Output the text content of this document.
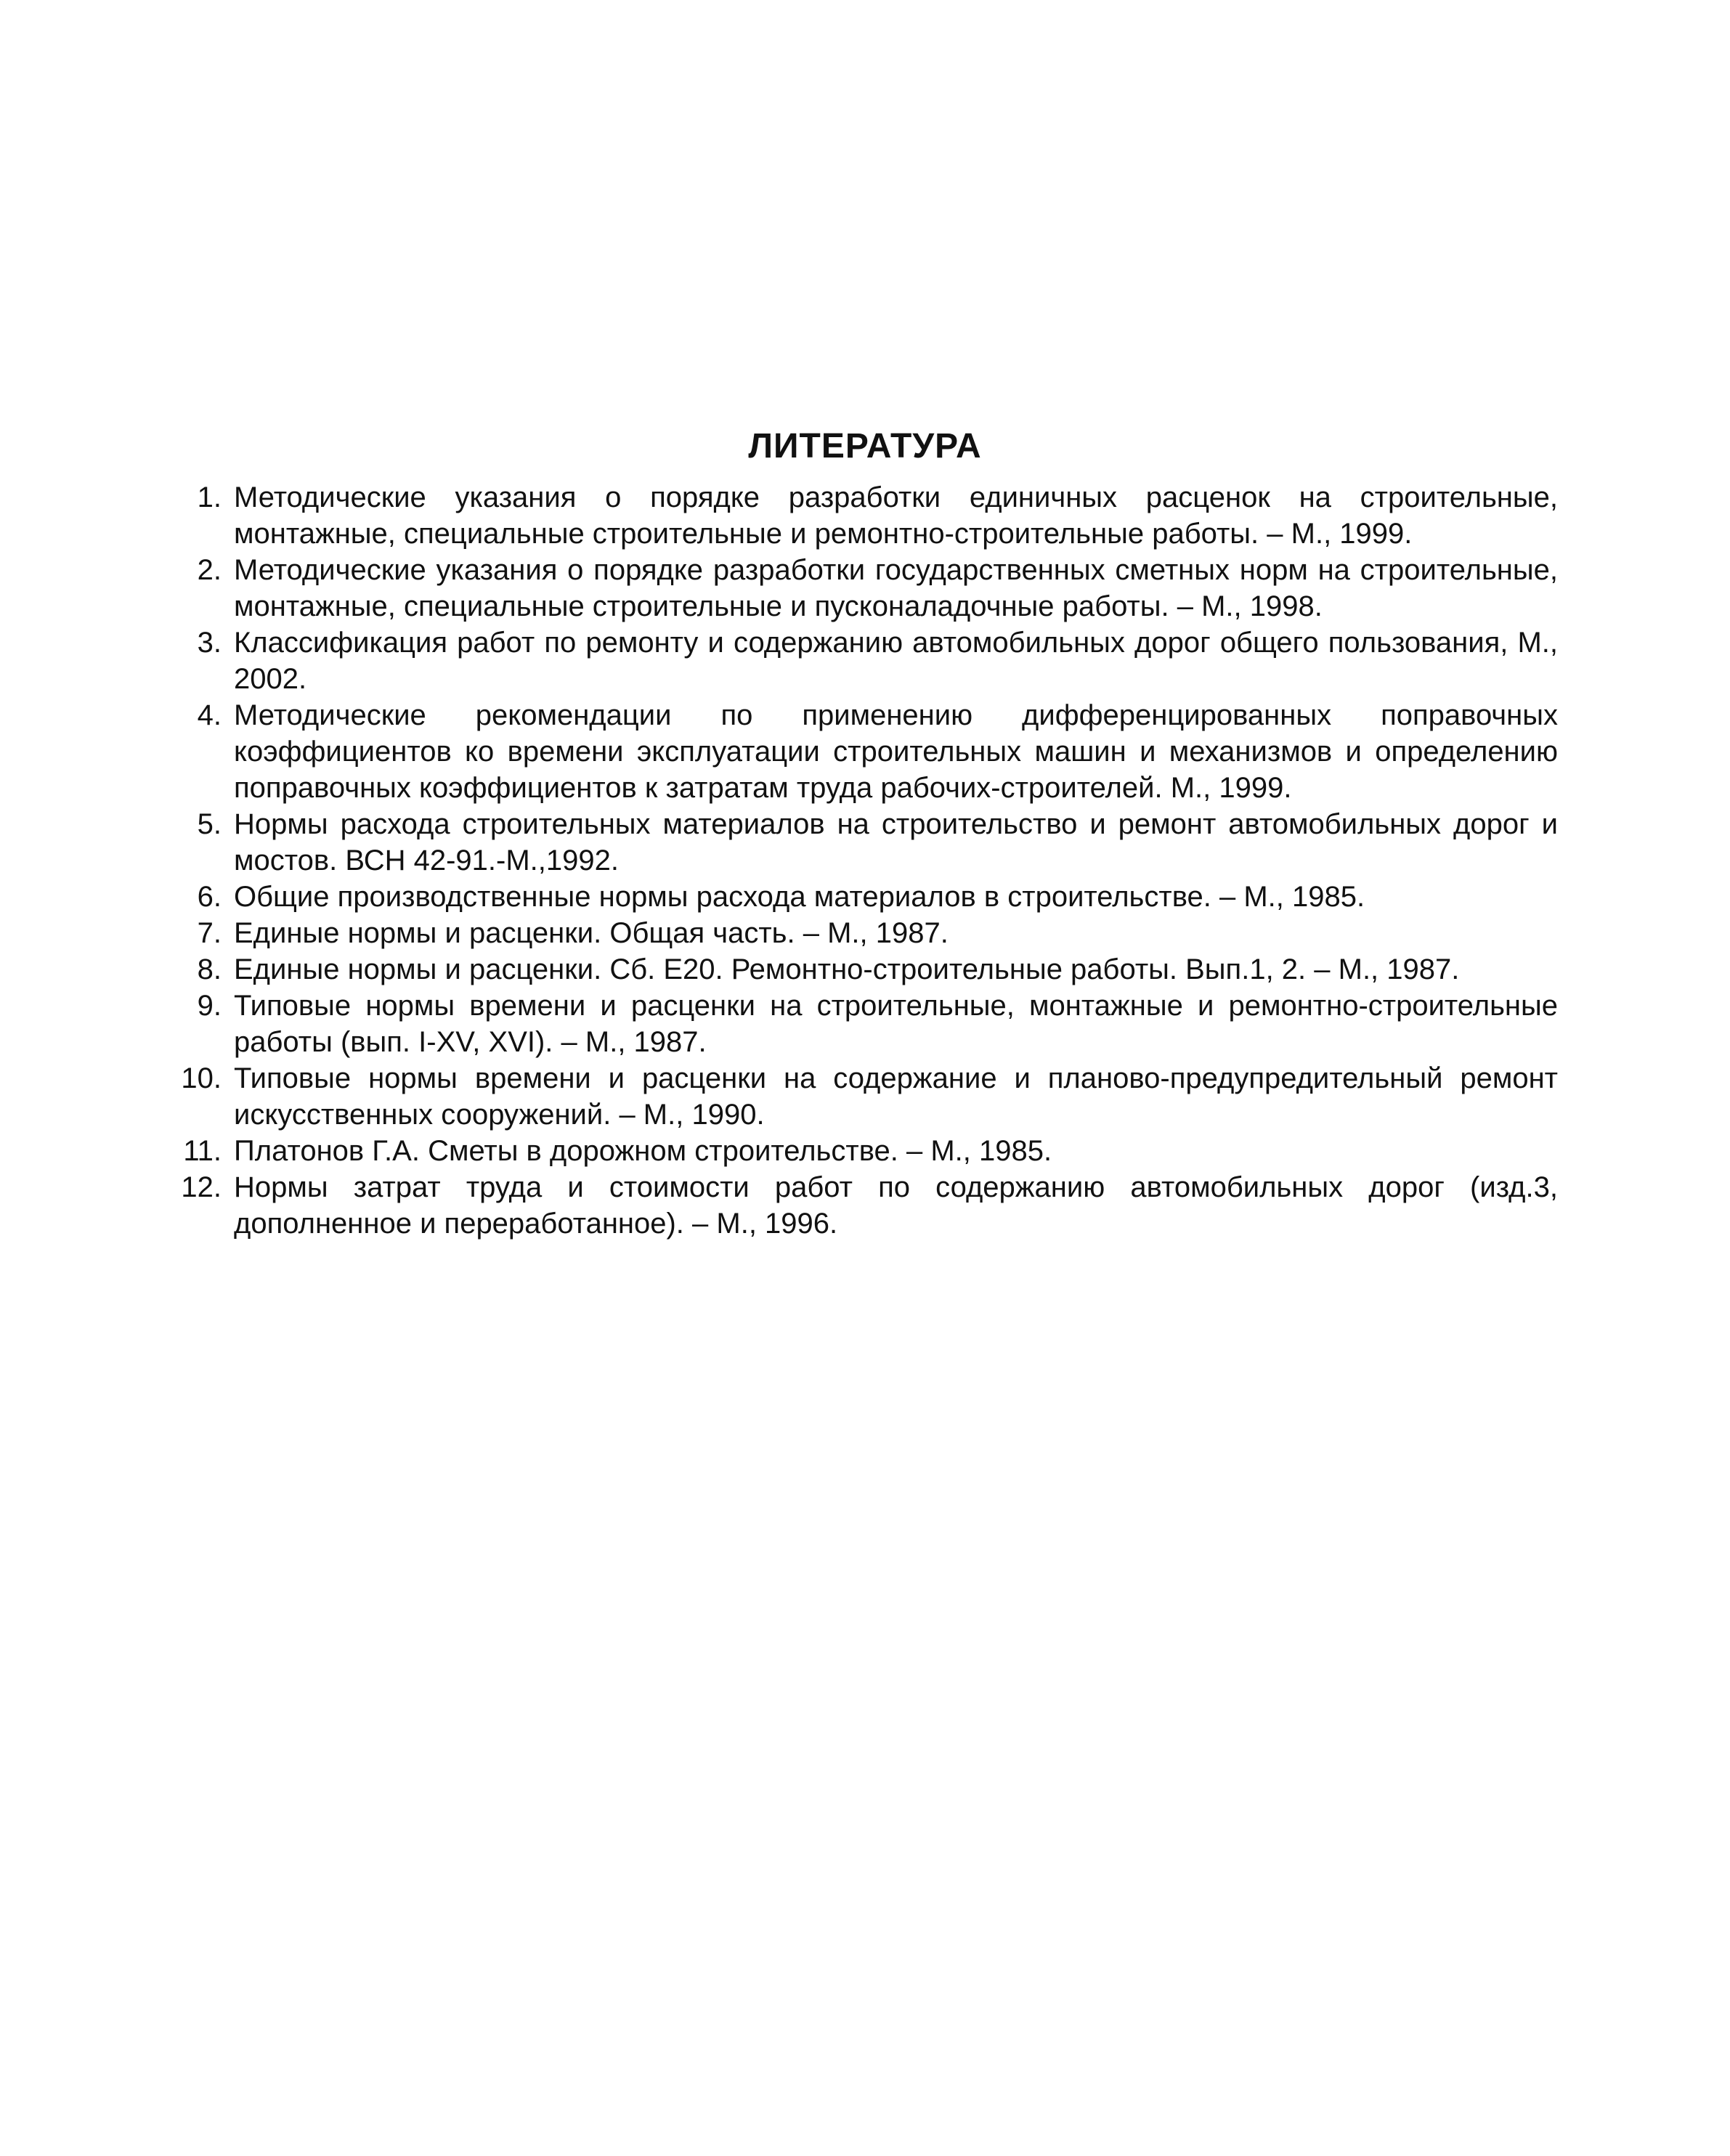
ЛИТЕРАТУРА
1. Методические указания о порядке разработки единичных расценок на строительные, монтажные, специальные строительные и ремонтно-строительные работы. – М., 1999.
2. Методические указания о порядке разработки государственных сметных норм на строительные, монтажные, специальные строительные и пусконаладочные работы. – М., 1998.
3. Классификация работ по ремонту и содержанию автомобильных дорог общего пользования, М., 2002.
4. Методические рекомендации по применению дифференцированных поправочных коэффициентов ко времени эксплуатации строительных машин и механизмов и определению поправочных коэффициентов к затратам труда рабочих-строителей. М., 1999.
5. Нормы расхода строительных материалов на строительство и ремонт автомобильных дорог и мостов. ВСН 42-91.-М.,1992.
6. Общие производственные нормы расхода материалов в строительстве. – М., 1985.
7. Единые нормы и расценки. Общая часть. – М., 1987.
8. Единые нормы и расценки. Сб. Е20. Ремонтно-строительные работы. Вып.1, 2. – М., 1987.
9. Типовые нормы времени и расценки на строительные, монтажные и ремонтно-строительные работы (вып. I-XV, XVI). – М., 1987.
10. Типовые нормы времени и расценки на содержание и планово-предупредительный ремонт искусственных сооружений. – М., 1990.
11. Платонов Г.А. Сметы в дорожном строительстве. – М., 1985.
12. Нормы затрат труда и стоимости работ по содержанию автомобильных дорог (изд.3, дополненное и переработанное). – М., 1996.
